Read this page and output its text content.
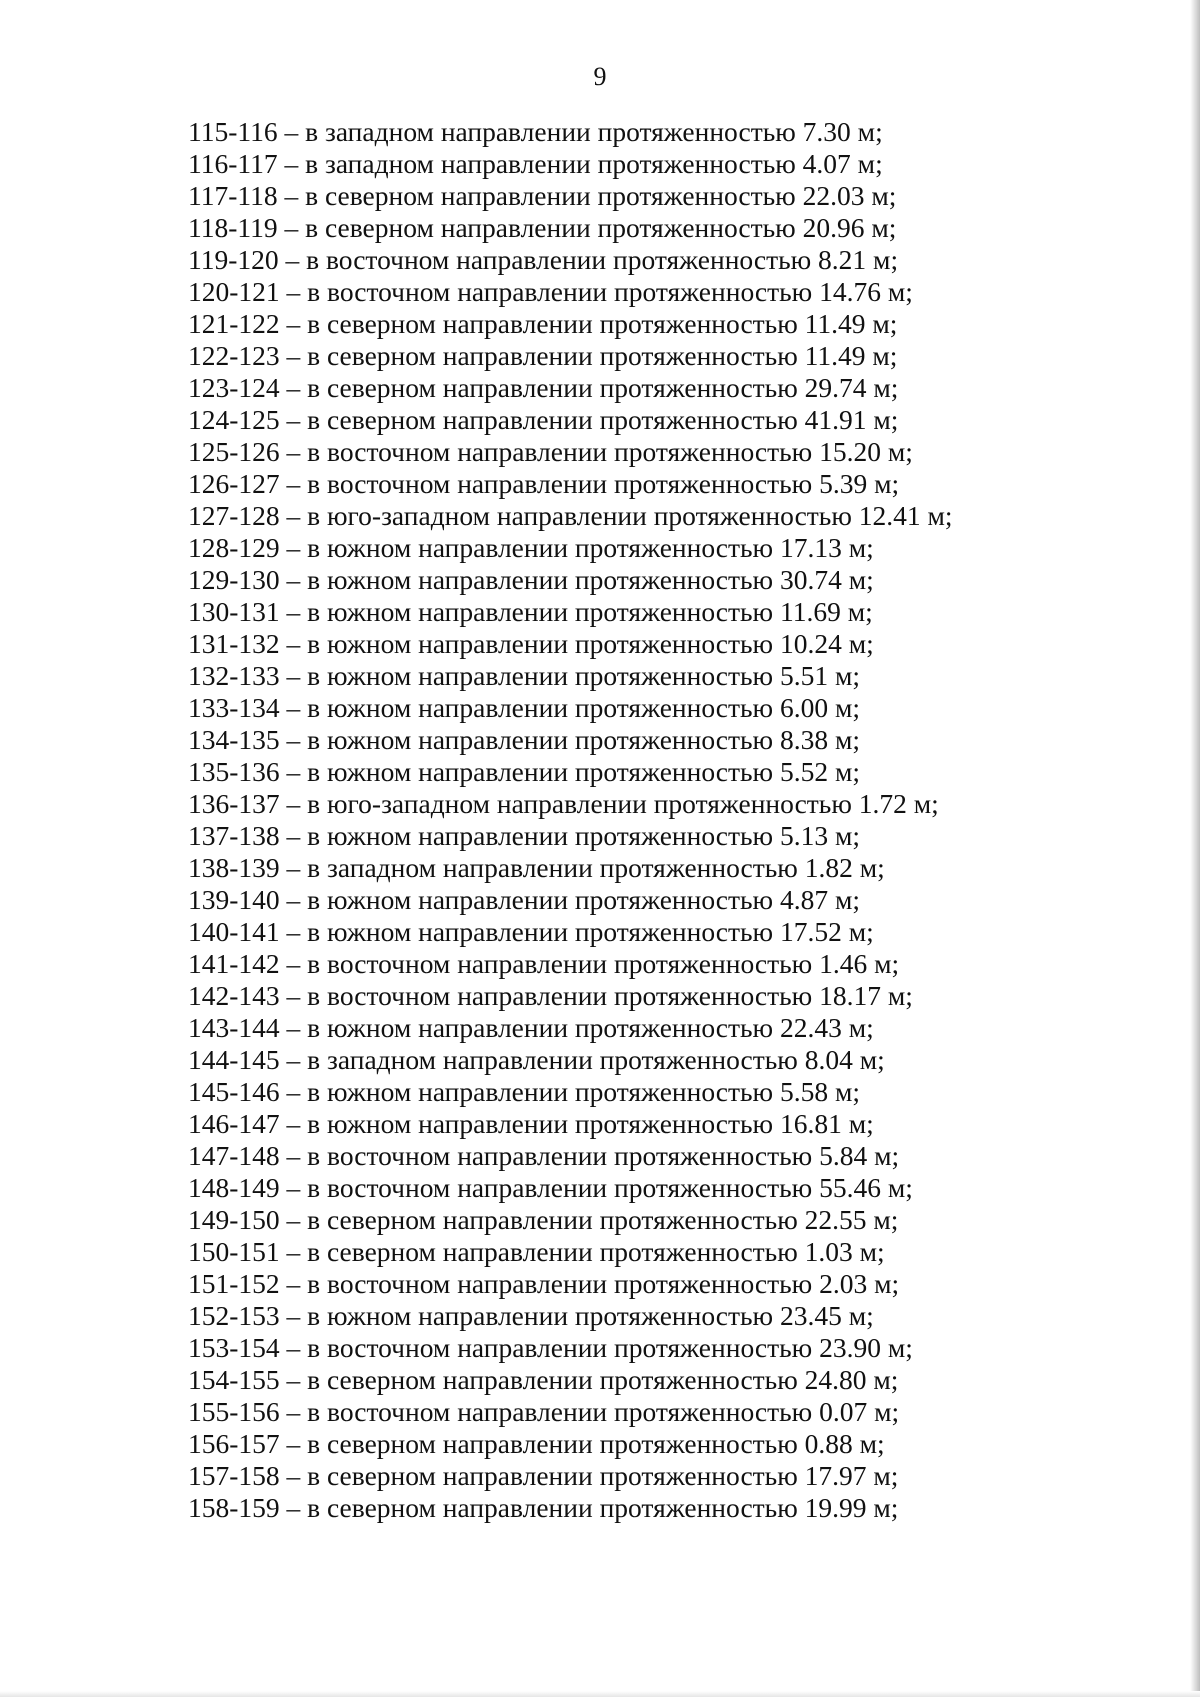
9
115-116 – в западном направлении протяженностью 7.30 м;
116-117 – в западном направлении протяженностью 4.07 м;
117-118 – в северном направлении протяженностью 22.03 м;
118-119 – в северном направлении протяженностью 20.96 м;
119-120 – в восточном направлении протяженностью 8.21 м;
120-121 – в восточном направлении протяженностью 14.76 м;
121-122 – в северном направлении протяженностью 11.49 м;
122-123 – в северном направлении протяженностью 11.49 м;
123-124 – в северном направлении протяженностью 29.74 м;
124-125 – в северном направлении протяженностью 41.91 м;
125-126 – в восточном направлении протяженностью 15.20 м;
126-127 – в восточном направлении протяженностью 5.39 м;
127-128 – в юго-западном направлении протяженностью 12.41 м;
128-129 – в южном направлении протяженностью 17.13 м;
129-130 – в южном направлении протяженностью 30.74 м;
130-131 – в южном направлении протяженностью 11.69 м;
131-132 – в южном направлении протяженностью 10.24 м;
132-133 – в южном направлении протяженностью 5.51 м;
133-134 – в южном направлении протяженностью 6.00 м;
134-135 – в южном направлении протяженностью 8.38 м;
135-136 – в южном направлении протяженностью 5.52 м;
136-137 – в юго-западном направлении протяженностью 1.72 м;
137-138 – в южном направлении протяженностью 5.13 м;
138-139 – в западном направлении протяженностью 1.82 м;
139-140 – в южном направлении протяженностью 4.87 м;
140-141 – в южном направлении протяженностью 17.52 м;
141-142 – в восточном направлении протяженностью 1.46 м;
142-143 – в восточном направлении протяженностью 18.17 м;
143-144 – в южном направлении протяженностью 22.43 м;
144-145 – в западном направлении протяженностью 8.04 м;
145-146 – в южном направлении протяженностью 5.58 м;
146-147 – в южном направлении протяженностью 16.81 м;
147-148 – в восточном направлении протяженностью 5.84 м;
148-149 – в восточном направлении протяженностью 55.46 м;
149-150 – в северном направлении протяженностью 22.55 м;
150-151 – в северном направлении протяженностью 1.03 м;
151-152 – в восточном направлении протяженностью 2.03 м;
152-153 – в южном направлении протяженностью 23.45 м;
153-154 – в восточном направлении протяженностью 23.90 м;
154-155 – в северном направлении протяженностью 24.80 м;
155-156 – в восточном направлении протяженностью 0.07 м;
156-157 – в северном направлении протяженностью 0.88 м;
157-158 – в северном направлении протяженностью 17.97 м;
158-159 – в северном направлении протяженностью 19.99 м;
